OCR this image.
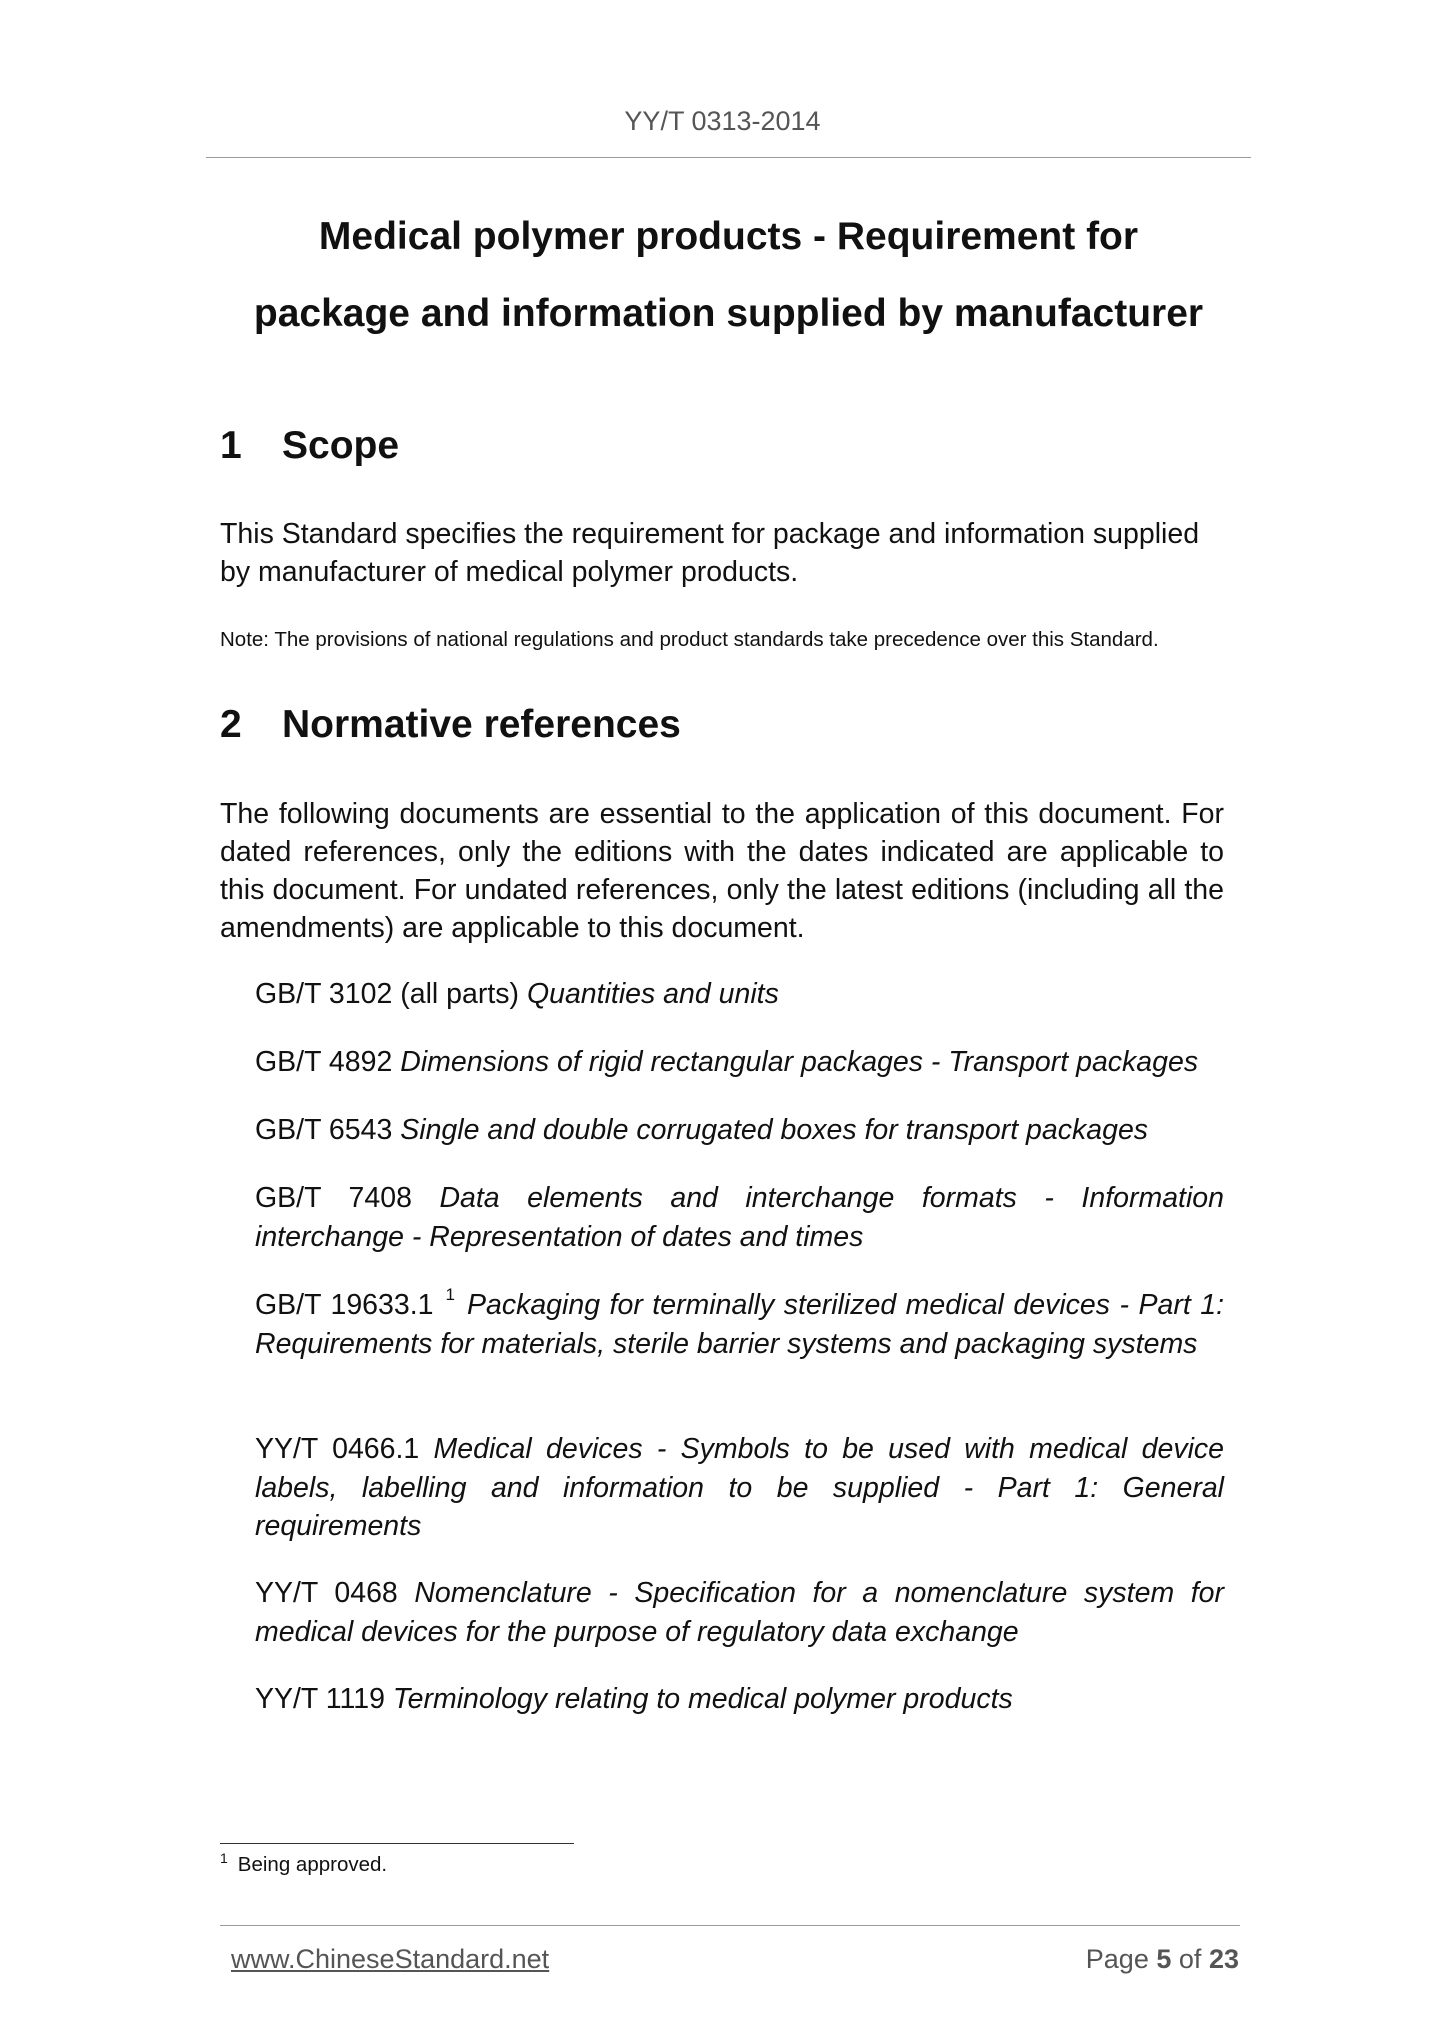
YY/T 0313-2014
Medical polymer products - Requirement for
package and information supplied by manufacturer
1 Scope
This Standard specifies the requirement for package and information supplied by manufacturer of medical polymer products.
Note: The provisions of national regulations and product standards take precedence over this Standard.
2 Normative references
The following documents are essential to the application of this document. For dated references, only the editions with the dates indicated are applicable to this document. For undated references, only the latest editions (including all the amendments) are applicable to this document.
GB/T 3102 (all parts) Quantities and units
GB/T 4892 Dimensions of rigid rectangular packages - Transport packages
GB/T 6543 Single and double corrugated boxes for transport packages
GB/T 7408 Data elements and interchange formats - Information interchange - Representation of dates and times
GB/T 19633.1 $^1$ Packaging for terminally sterilized medical devices - Part 1: Requirements for materials, sterile barrier systems and packaging systems
YY/T 0466.1 Medical devices - Symbols to be used with medical device labels, labelling and information to be supplied - Part 1: General requirements
YY/T 0468 Nomenclature - Specification for a nomenclature system for medical devices for the purpose of regulatory data exchange
YY/T 1119 Terminology relating to medical polymer products
$^1$ Being approved.
www.ChineseStandard.net	Page 5 of 23
